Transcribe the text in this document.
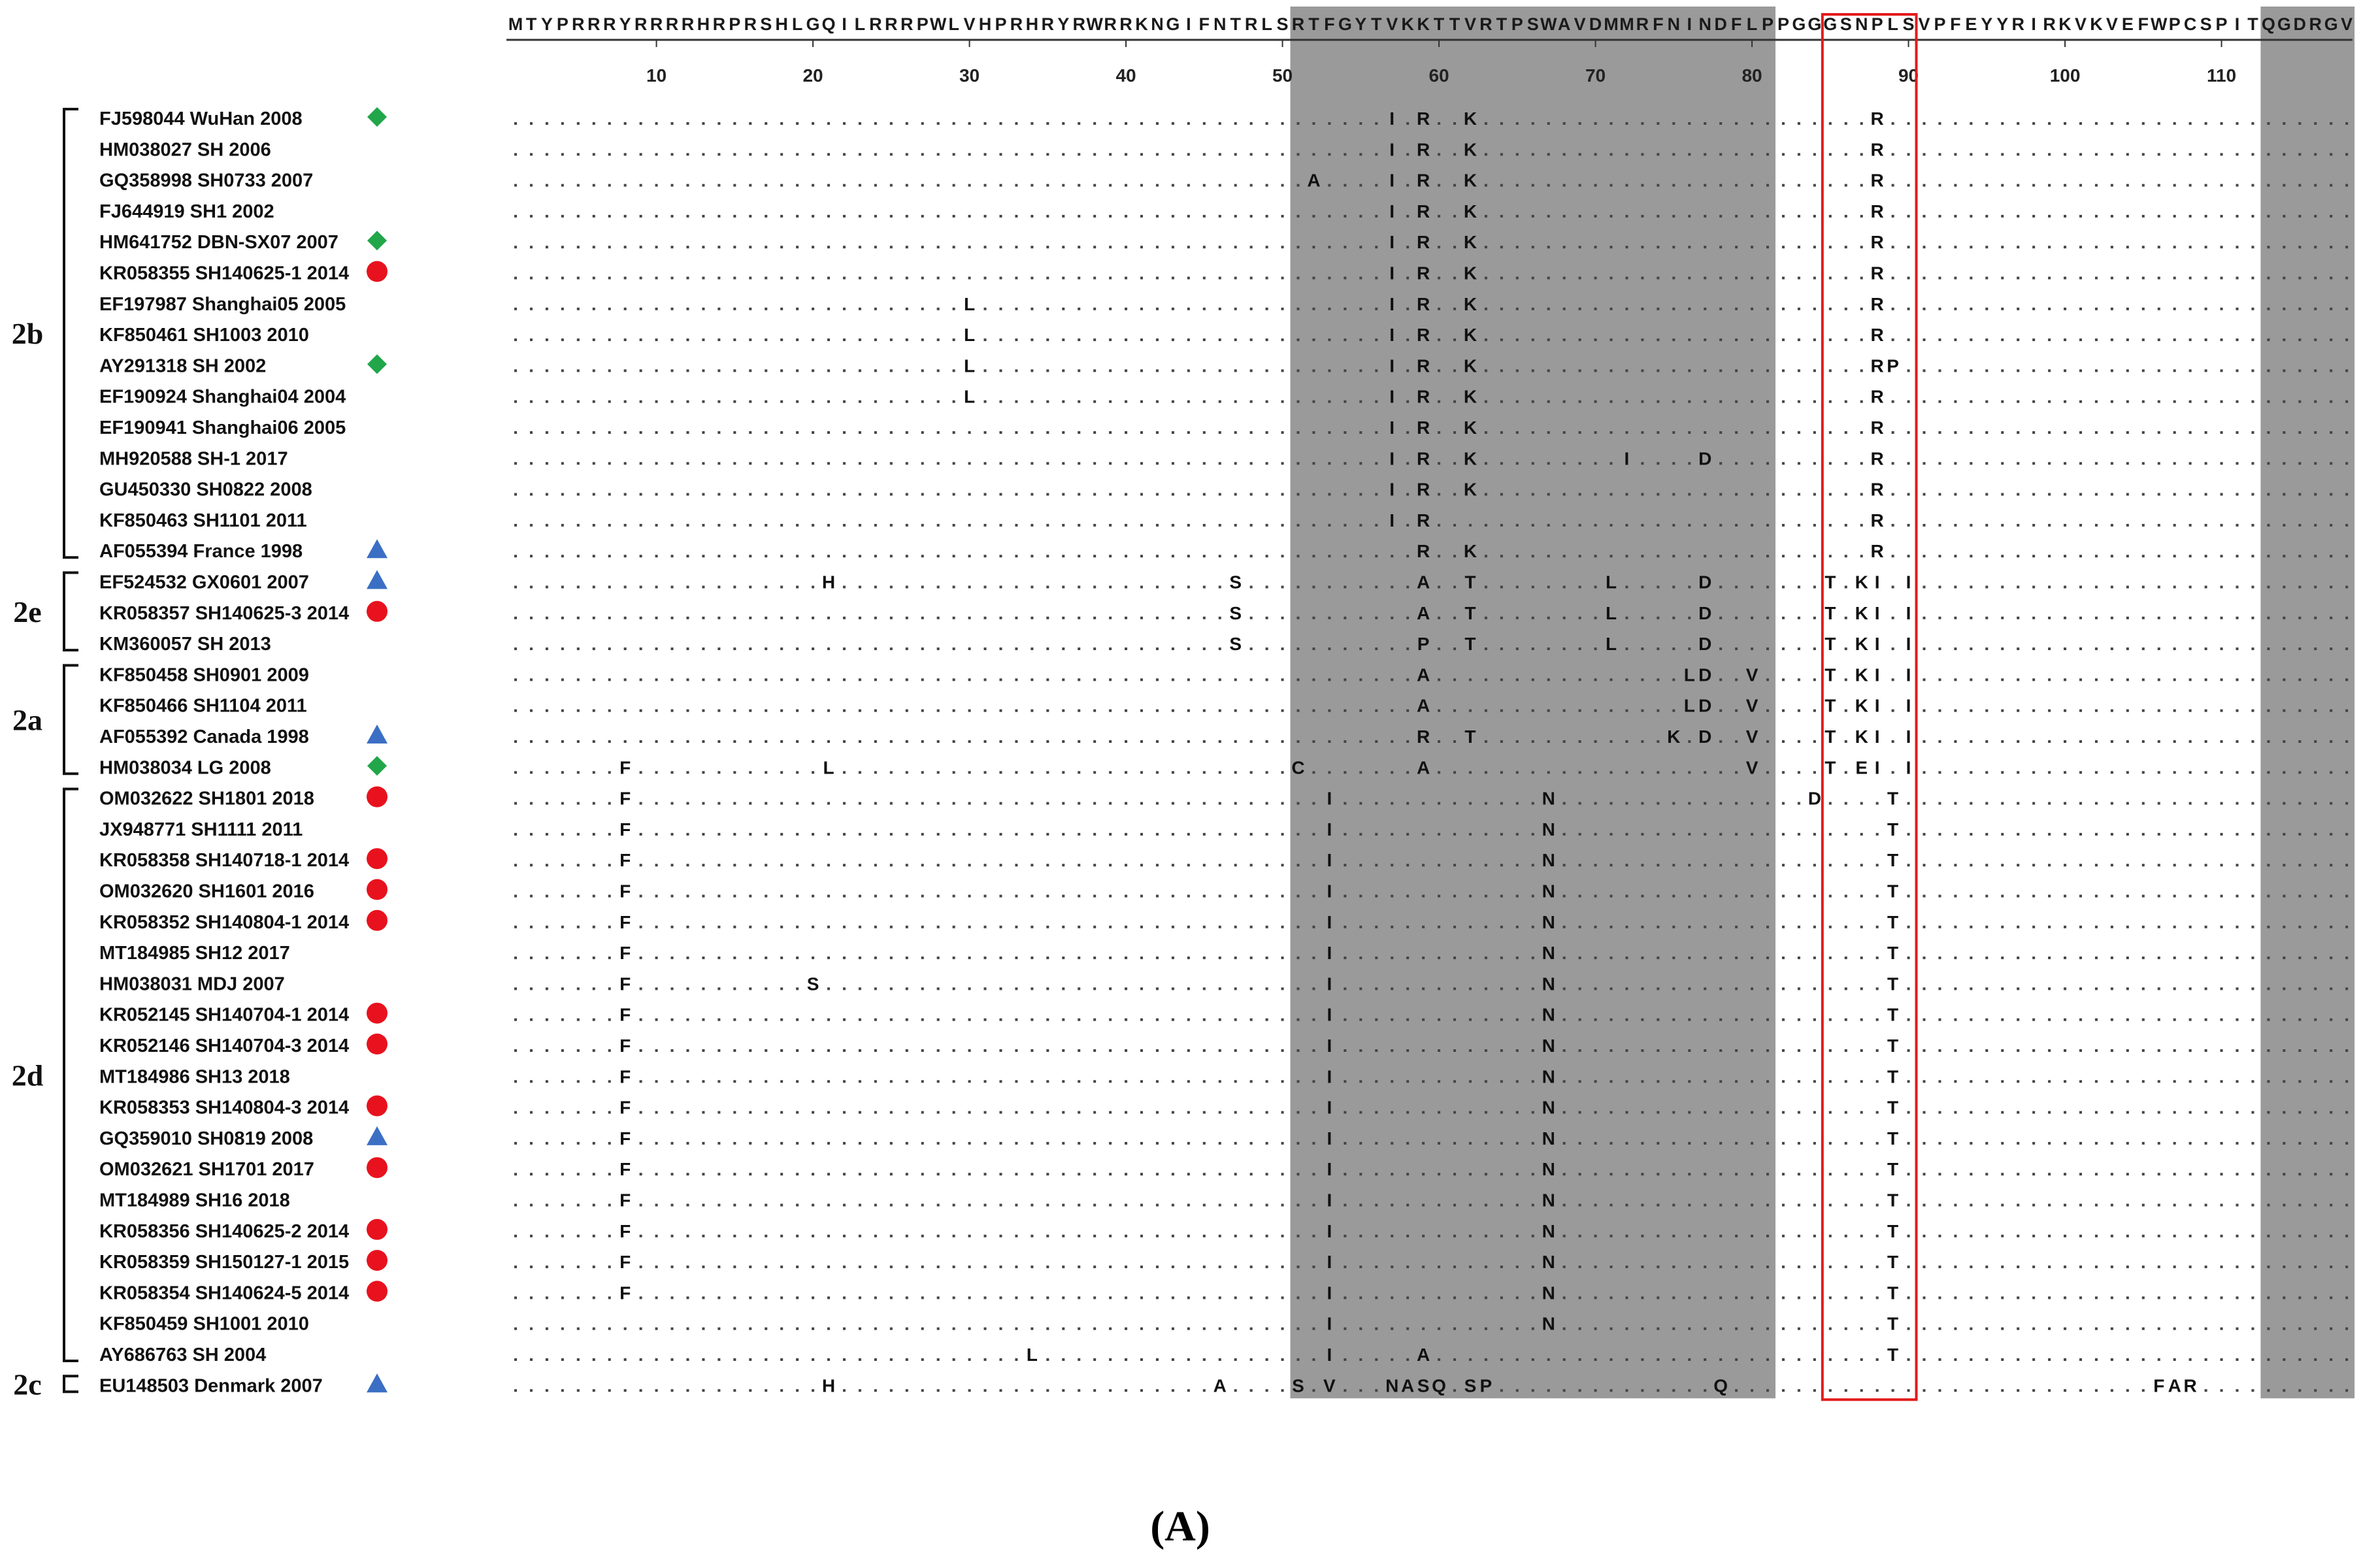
M T Y P R R R Y R R R R H R P R S H L G Q I L R R R P W L V H P R H R Y R W R R K N G I F N T R L S R T F G Y T V K K T T V R T P S W A V D M M R F N I N D F L P P G G G S N P L S V P F E Y Y R I R K V K V E F W P C S P I T Q G D R G V
10	20	30	40	50	60	70	80	90	100	110
FJ598044 WuHan 2008	I R K	R
HM038027 SH 2006	I R K	R
GQ358998 SH0733 2007	A	I R K	R
FJ644919 SH1 2002	I R K	R
HM641752 DBN-SX07 2007	I R K	R
KR058355 SH140625-1 2014	I R K	R
EF197987 Shanghai05 2005	L	I R K	R
KF850461 SH1003 2010	L	I R K	R
AY291318 SH 2002	L	I R K	R P
EF190924 Shanghai04 2004	L	I R K	R
EF190941 Shanghai06 2005	I R K	R
MH920588 SH-1 2017	I R K	I	D	R
GU450330 SH0822 2008	I R K	R
KF850463 SH1101 2011	I R	R
AF055394 France 1998	R K	R
EF524532 GX0601 2007	H	S	A T	L	D	T K I I
KR058357 SH140625-3 2014	S	A T	L	D	T K I I
KM360057 SH 2013	S	P T	L	D	T K I I
KF850458 SH0901 2009	A	L D V	T K I I
KF850466 SH1104 2011	A	L D V	T K I I
AF055392 Canada 1998	R T	K D V	T K I I
HM038034 LG 2008	F	L	C	A	V	T E I I
OM032622 SH1801 2018	F	I	N	D	T
JX948771 SH1111 2011	F	I	N	T
KR058358 SH140718-1 2014	F	I	N	T
OM032620 SH1601 2016	F	I	N	T
KR058352 SH140804-1 2014	F	I	N	T
MT184985 SH12 2017	F	I	N	T
HM038031 MDJ 2007	F	S	I	N	T
KR052145 SH140704-1 2014	F	I	N	T
KR052146 SH140704-3 2014	F	I	N	T
MT184986 SH13 2018	F	I	N	T
KR058353 SH140804-3 2014	F	I	N	T
GQ359010 SH0819 2008	F	I	N	T
OM032621 SH1701 2017	F	I	N	T
MT184989 SH16 2018	F	I	N	T
KR058356 SH140625-2 2014	F	I	N	T
KR058359 SH150127-1 2015	F	I	N	T
KR058354 SH140624-5 2014	F	I	N	T
KF850459 SH1001 2010	I	N	T
AY686763 SH 2004	L	I	A	T
EU148503 Denmark 2007	H	A	S V	N A S Q S P	Q	F A R
2b
2e
2a
2d
2c
(A)
